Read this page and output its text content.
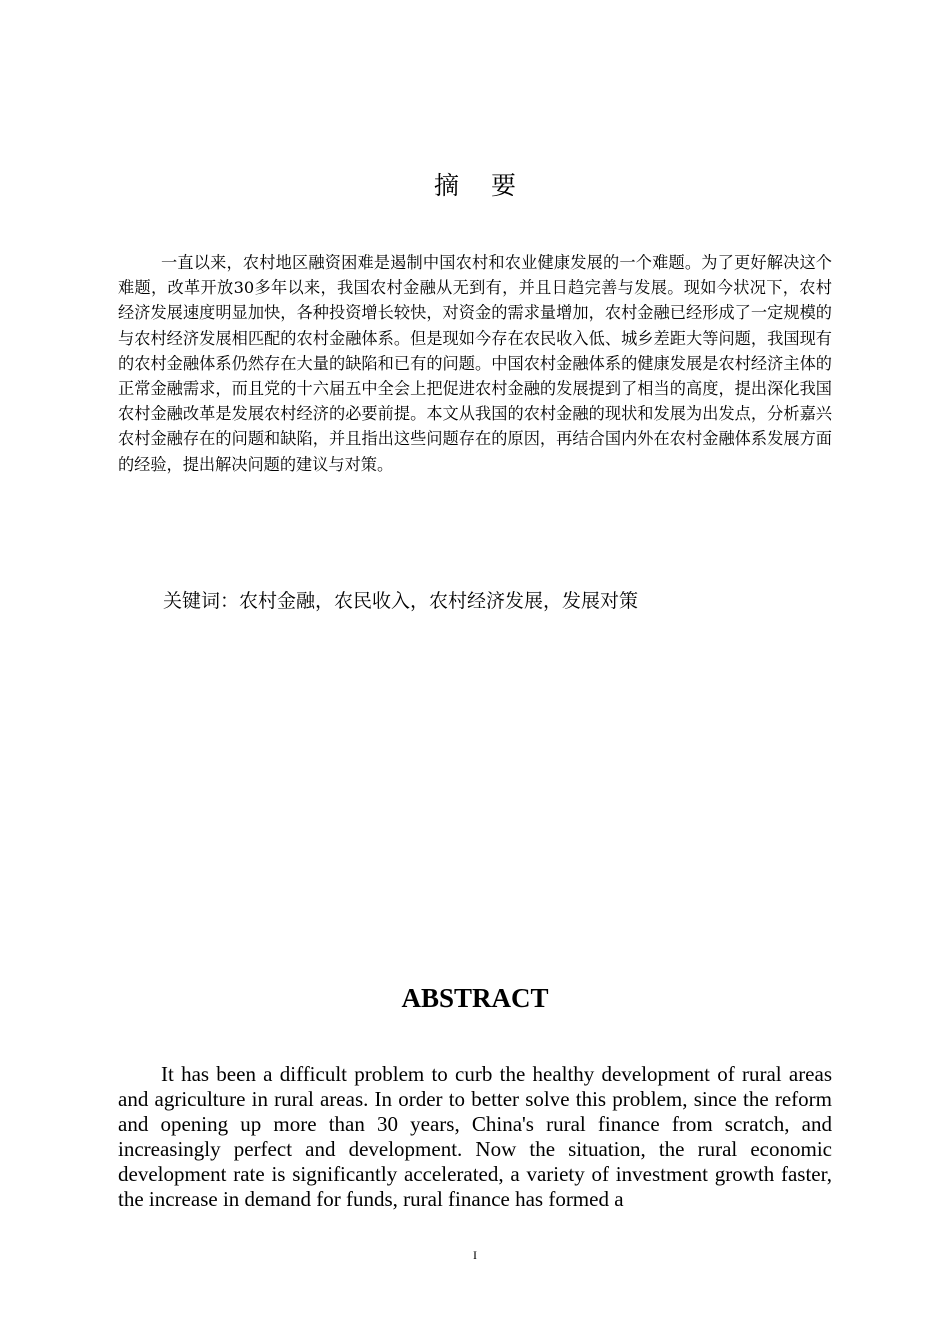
摘 要

一直以来，农村地区融资困难是遏制中国农村和农业健康发展的一个难题。为了更好解决这个难题，改革开放30多年以来，我国农村金融从无到有，并且日趋完善与发展。现如今状况下，农村经济发展速度明显加快，各种投资增长较快，对资金的需求量增加，农村金融已经形成了一定规模的与农村经济发展相匹配的农村金融体系。但是现如今存在农民收入低、城乡差距大等问题，我国现有的农村金融体系仍然存在大量的缺陷和已有的问题。中国农村金融体系的健康发展是农村经济主体的正常金融需求，而且党的十六届五中全会上把促进农村金融的发展提到了相当的高度，提出深化我国农村金融改革是发展农村经济的必要前提。本文从我国的农村金融的现状和发展为出发点，分析嘉兴农村金融存在的问题和缺陷，并且指出这些问题存在的原因，再结合国内外在农村金融体系发展方面的经验，提出解决问题的建议与对策。

关键词：农村金融，农民收入，农村经济发展，发展对策
ABSTRACT

It has been a difficult problem to curb the healthy development of rural areas and agriculture in rural areas. In order to better solve this problem, since the reform and opening up more than 30 years, China's rural finance from scratch, and increasingly perfect and development. Now the situation, the rural economic development rate is significantly accelerated, a variety of investment growth faster, the increase in demand for funds, rural finance has formed a

I
